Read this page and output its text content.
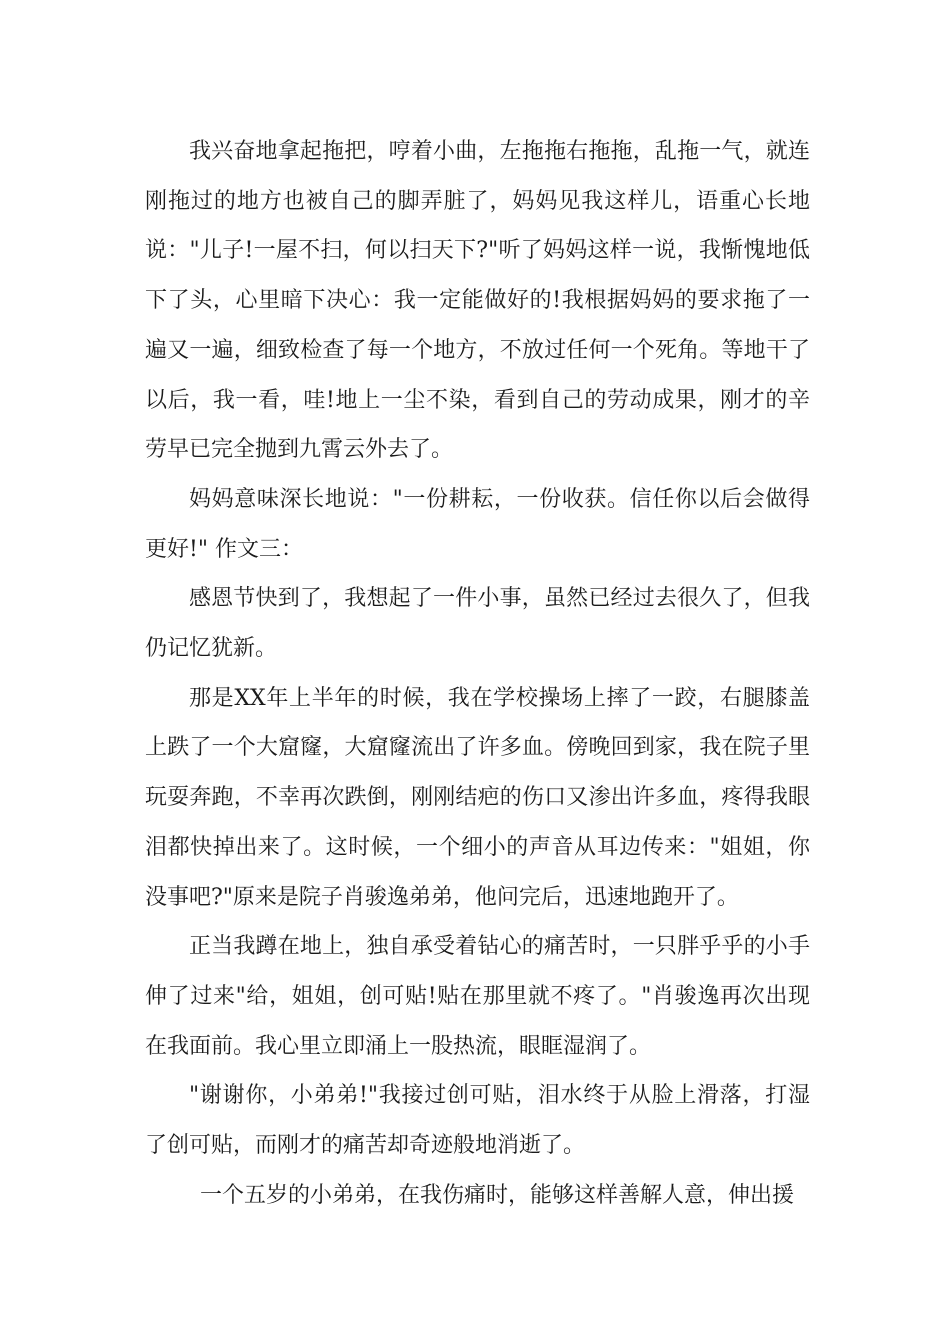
我兴奋地拿起拖把，哼着小曲，左拖拖右拖拖，乱拖一气，就连刚拖过的地方也被自己的脚弄脏了，妈妈见我这样儿，语重心长地说："儿子!一屋不扫，何以扫天下?"听了妈妈这样一说，我惭愧地低下了头，心里暗下决心：我一定能做好的!我根据妈妈的要求拖了一遍又一遍，细致检查了每一个地方，不放过任何一个死角。等地干了以后，我一看，哇!地上一尘不染，看到自己的劳动成果，刚才的辛劳早已完全抛到九霄云外去了。

妈妈意味深长地说："一份耕耘，一份收获。信任你以后会做得更好!" 作文三：

感恩节快到了，我想起了一件小事，虽然已经过去很久了，但我仍记忆犹新。

那是XX年上半年的时候，我在学校操场上摔了一跤，右腿膝盖上跌了一个大窟窿，大窟窿流出了许多血。傍晚回到家，我在院子里玩耍奔跑，不幸再次跌倒，刚刚结疤的伤口又渗出许多血，疼得我眼泪都快掉出来了。这时候，一个细小的声音从耳边传来："姐姐，你没事吧?"原来是院子肖骏逸弟弟，他问完后，迅速地跑开了。

正当我蹲在地上，独自承受着钻心的痛苦时，一只胖乎乎的小手伸了过来"给，姐姐，创可贴!贴在那里就不疼了。"肖骏逸再次出现在我面前。我心里立即涌上一股热流，眼眶湿润了。

"谢谢你，小弟弟!"我接过创可贴，泪水终于从脸上滑落，打湿了创可贴，而刚才的痛苦却奇迹般地消逝了。

一个五岁的小弟弟，在我伤痛时，能够这样善解人意，伸出援
